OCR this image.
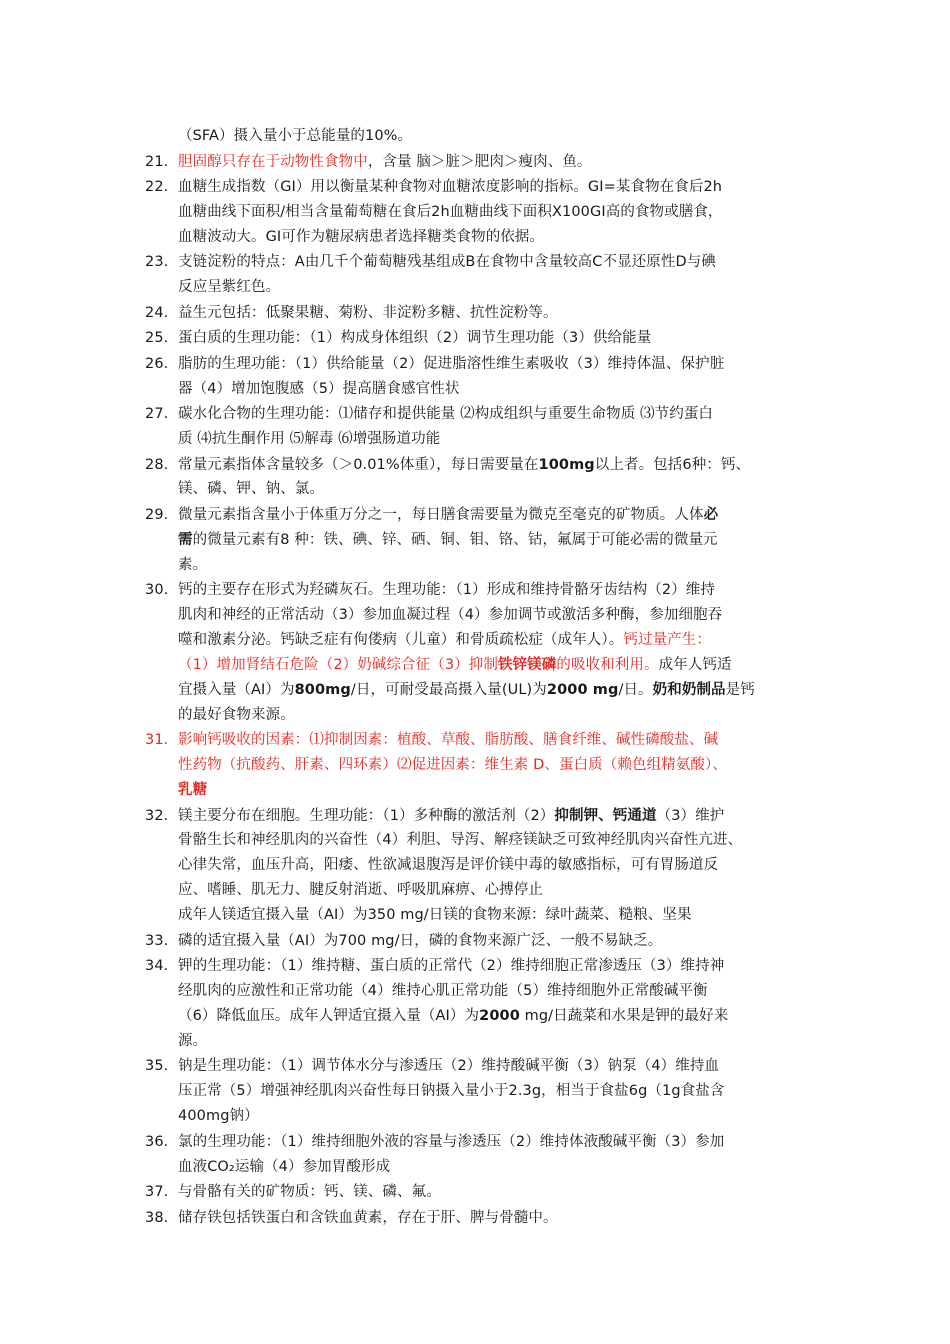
（SFA）摄入量小于总能量的10%。
21. 胆固醇只存在于动物性食物中，含量 脑＞脏＞肥肉＞瘦肉、鱼。
22. 血糖生成指数（GI）用以衡量某种食物对血糖浓度影响的指标。GI=某食物在食后2h
血糖曲线下面积/相当含量葡萄糖在食后2h血糖曲线下面积X100GI高的食物或膳食，
血糖波动大。GI可作为糖尿病患者选择糖类食物的依据。
23. 支链淀粉的特点：A由几千个葡萄糖残基组成B在食物中含量较高C不显还原性D与碘
反应呈紫红色。
24. 益生元包括：低聚果糖、菊粉、非淀粉多糖、抗性淀粉等。
25. 蛋白质的生理功能：（1）构成身体组织（2）调节生理功能（3）供给能量
26. 脂肪的生理功能：（1）供给能量（2）促进脂溶性维生素吸收（3）维持体温、保护脏
器（4）增加饱腹感（5）提高膳食感官性状
27. 碳水化合物的生理功能：⑴储存和提供能量 ⑵构成组织与重要生命物质 ⑶节约蛋白
质 ⑷抗生酮作用 ⑸解毒 ⑹增强肠道功能
28. 常量元素指体含量较多（＞0.01%体重），每日需要量在100mg以上者。包括6种：钙、
镁、磷、钾、钠、氯。
29. 微量元素指含量小于体重万分之一，每日膳食需要量为微克至毫克的矿物质。人体必
需的微量元素有8 种：铁、碘、锌、硒、铜、钼、铬、钴，氟属于可能必需的微量元
素。
30. 钙的主要存在形式为羟磷灰石。生理功能：（1）形成和维持骨骼牙齿结构（2）维持
肌肉和神经的正常活动（3）参加血凝过程（4）参加调节或激活多种酶，参加细胞吞
噬和激素分泌。钙缺乏症有佝偻病（儿童）和骨质疏松症（成年人）。钙过量产生：
（1）增加肾结石危险（2）奶碱综合征（3）抑制铁锌镁磷的吸收和利用。成年人钙适
宜摄入量（AI）为800mg/日，可耐受最高摄入量(UL)为2000 mg/日。奶和奶制品是钙
的最好食物来源。
31. 影响钙吸收的因素：⑴抑制因素：植酸、草酸、脂肪酸、膳食纤维、碱性磷酸盐、碱
性药物（抗酸药、肝素、四环素）⑵促进因素：维生素 D、蛋白质（赖色组精氨酸）、
乳糖
32. 镁主要分布在细胞。生理功能：（1）多种酶的激活剂（2）抑制钾、钙通道（3）维护
骨骼生长和神经肌肉的兴奋性（4）利胆、导泻、解痉镁缺乏可致神经肌肉兴奋性亢进、
心律失常，血压升高，阳痿、性欲减退腹泻是评价镁中毒的敏感指标，可有胃肠道反
应、嗜睡、肌无力、腱反射消逝、呼吸肌麻痹、心搏停止
成年人镁适宜摄入量（AI）为350 mg/日镁的食物来源：绿叶蔬菜、糙粮、坚果
33. 磷的适宜摄入量（AI）为700 mg/日，磷的食物来源广泛、一般不易缺乏。
34. 钾的生理功能：（1）维持糖、蛋白质的正常代（2）维持细胞正常渗透压（3）维持神
经肌肉的应激性和正常功能（4）维持心肌正常功能（5）维持细胞外正常酸碱平衡
（6）降低血压。成年人钾适宜摄入量（AI）为2000 mg/日蔬菜和水果是钾的最好来
源。
35. 钠是生理功能：（1）调节体水分与渗透压（2）维持酸碱平衡（3）钠泵（4）维持血
压正常（5）增强神经肌肉兴奋性每日钠摄入量小于2.3g，相当于食盐6g（1g食盐含
400mg钠）
36. 氯的生理功能：（1）维持细胞外液的容量与渗透压（2）维持体液酸碱平衡（3）参加
血液CO₂运输（4）参加胃酸形成
37. 与骨骼有关的矿物质：钙、镁、磷、氟。
38. 储存铁包括铁蛋白和含铁血黄素，存在于肝、脾与骨髓中。
